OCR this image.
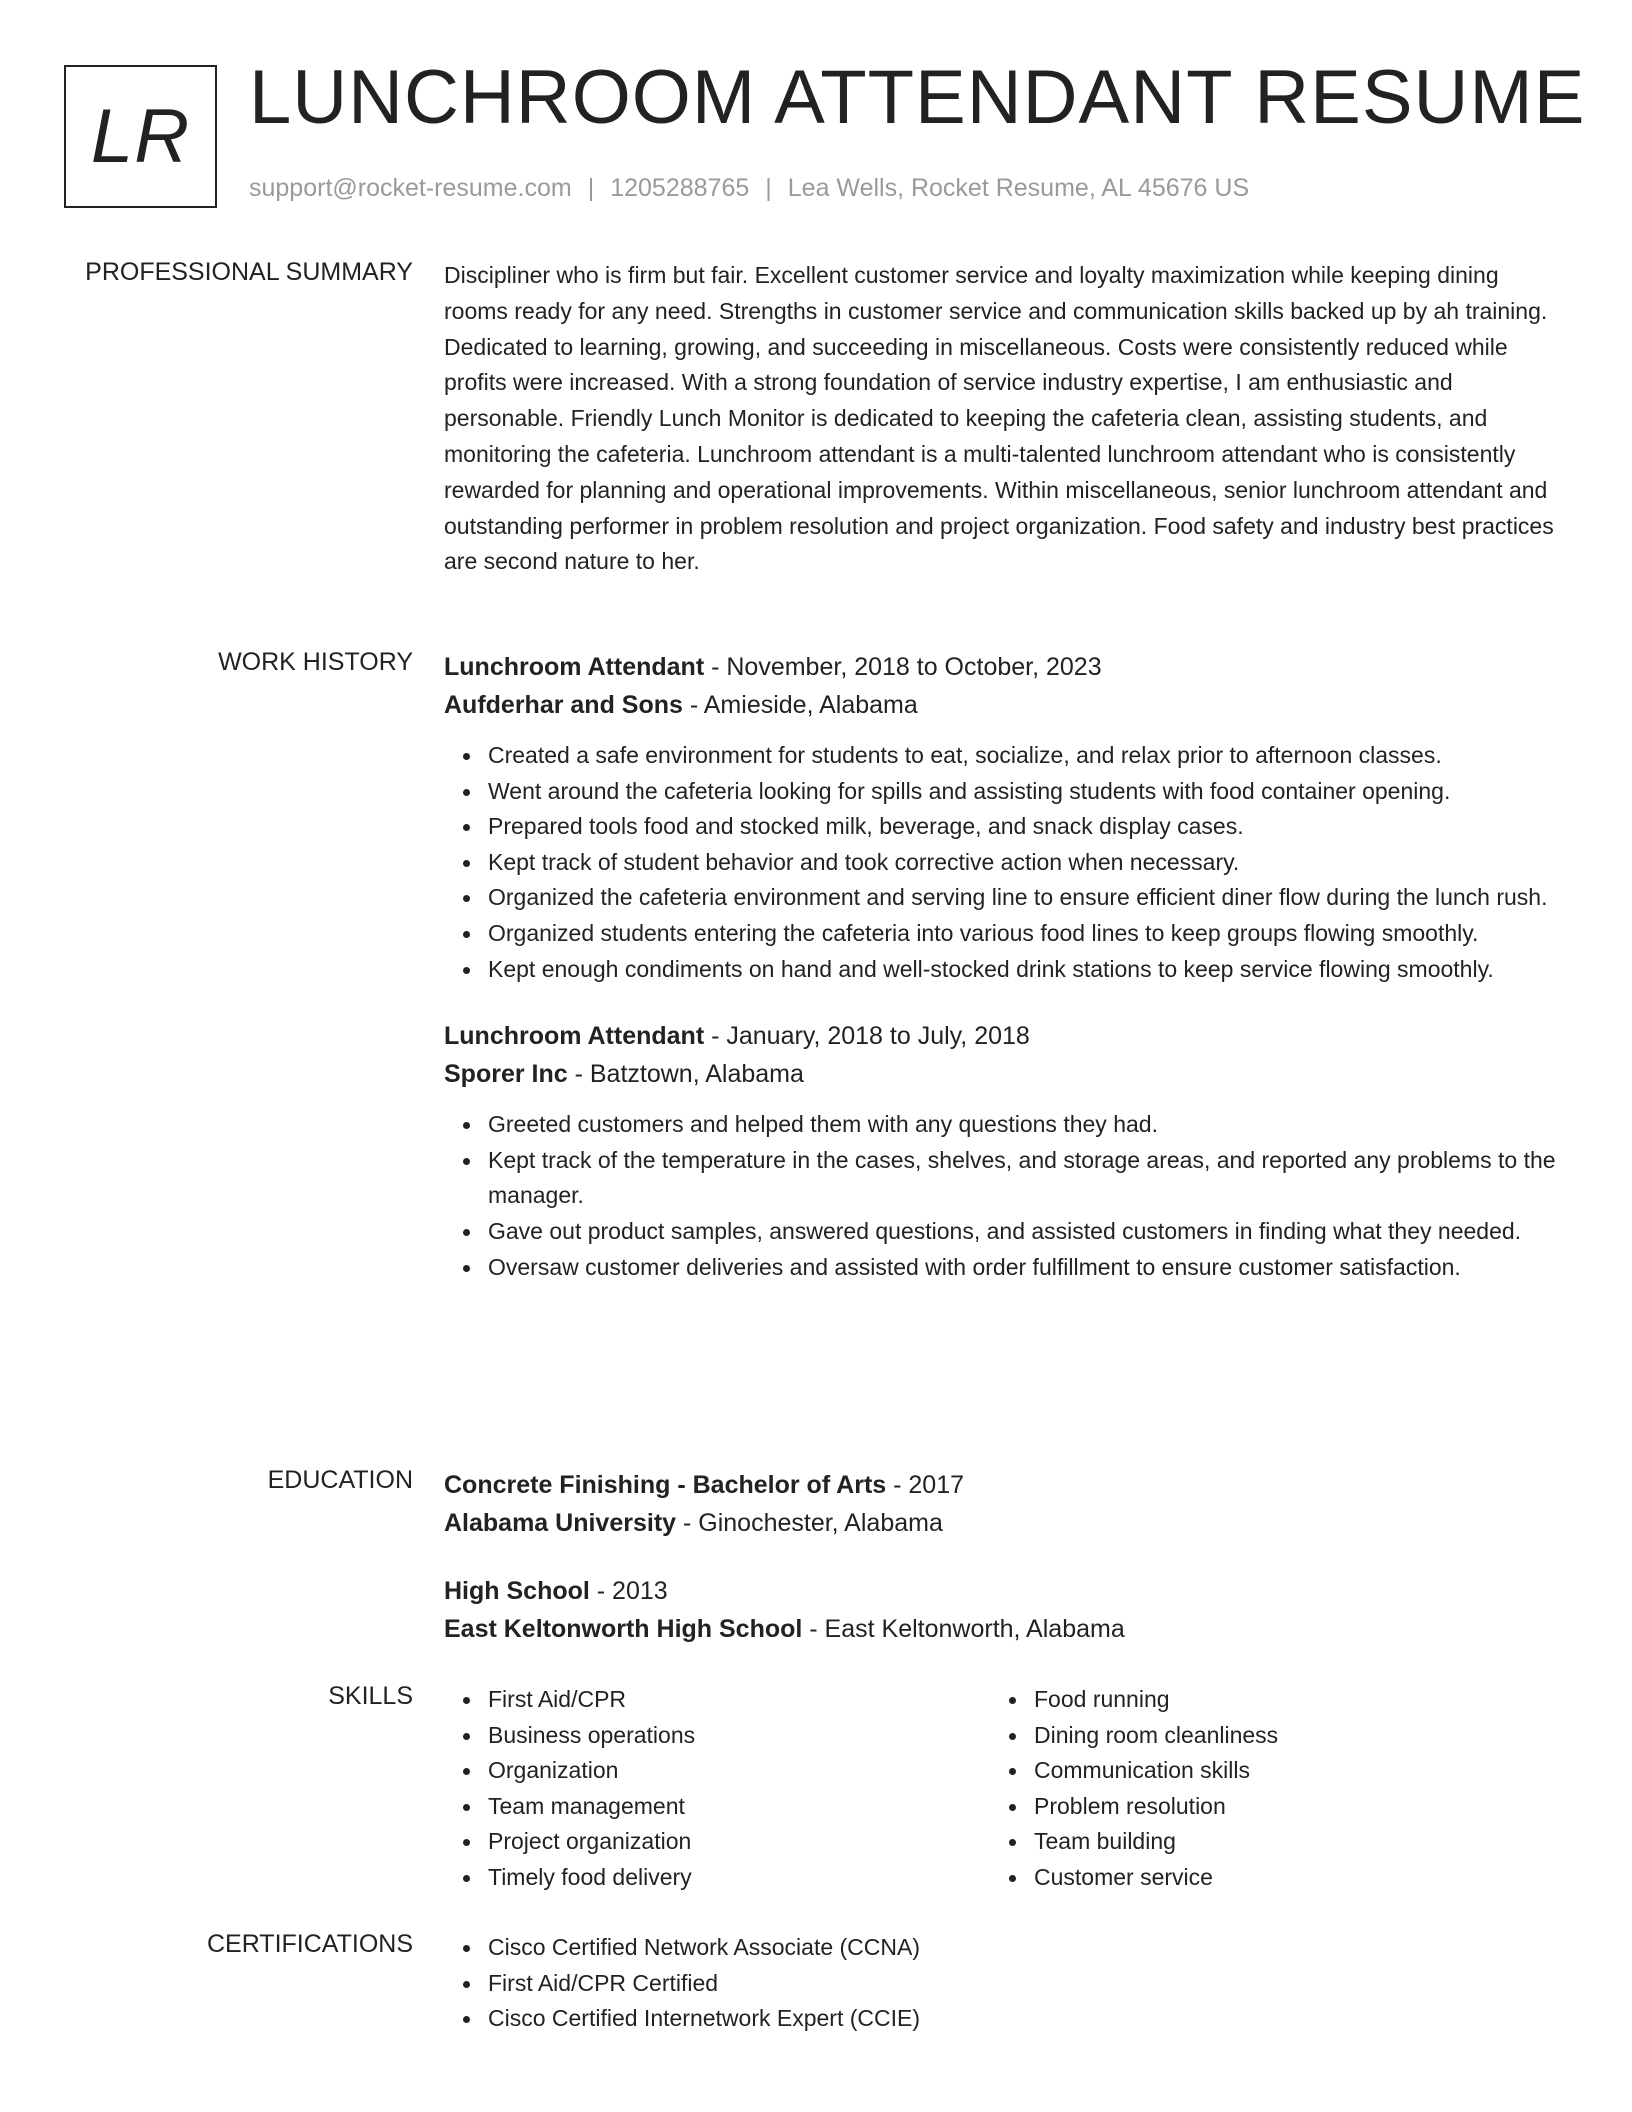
LR LUNCHROOM ATTENDANT RESUME
support@rocket-resume.com | 1205288765 | Lea Wells, Rocket Resume, AL 45676 US
PROFESSIONAL SUMMARY Discipliner who is firm but fair. Excellent customer service and loyalty maximization while keeping dining rooms ready for any need. Strengths in customer service and communication skills backed up by ah training. Dedicated to learning, growing, and succeeding in miscellaneous. Costs were consistently reduced while profits were increased. With a strong foundation of service industry expertise, I am enthusiastic and personable. Friendly Lunch Monitor is dedicated to keeping the cafeteria clean, assisting students, and monitoring the cafeteria. Lunchroom attendant is a multi-talented lunchroom attendant who is consistently rewarded for planning and operational improvements. Within miscellaneous, senior lunchroom attendant and outstanding performer in problem resolution and project organization. Food safety and industry best practices are second nature to her.

WORK HISTORY Lunchroom Attendant - November, 2018 to October, 2023
Aufderhar and Sons - Amieside, Alabama
Created a safe environment for students to eat, socialize, and relax prior to afternoon classes.
Went around the cafeteria looking for spills and assisting students with food container opening.
Prepared tools food and stocked milk, beverage, and snack display cases.
Kept track of student behavior and took corrective action when necessary.
Organized the cafeteria environment and serving line to ensure efficient diner flow during the lunch rush.
Organized students entering the cafeteria into various food lines to keep groups flowing smoothly.
Kept enough condiments on hand and well-stocked drink stations to keep service flowing smoothly.
Lunchroom Attendant - January, 2018 to July, 2018
Sporer Inc - Batztown, Alabama
Greeted customers and helped them with any questions they had.
Kept track of the temperature in the cases, shelves, and storage areas, and reported any problems to the manager.
Gave out product samples, answered questions, and assisted customers in finding what they needed.
Oversaw customer deliveries and assisted with order fulfillment to ensure customer satisfaction.
EDUCATION Concrete Finishing - Bachelor of Arts - 2017
Alabama University - Ginochester, Alabama
High School - 2013
East Keltonworth High School - East Keltonworth, Alabama
SKILLS	First Aid/CPR
Business operations
Organization
Team management
Project organization
Timely food delivery
Food running
Dining room cleanliness
Communication skills
Problem resolution
Team building
Customer service
CERTIFICATIONS	Cisco Certified Network Associate (CCNA)
First Aid/CPR Certified
Cisco Certified Internetwork Expert (CCIE)
